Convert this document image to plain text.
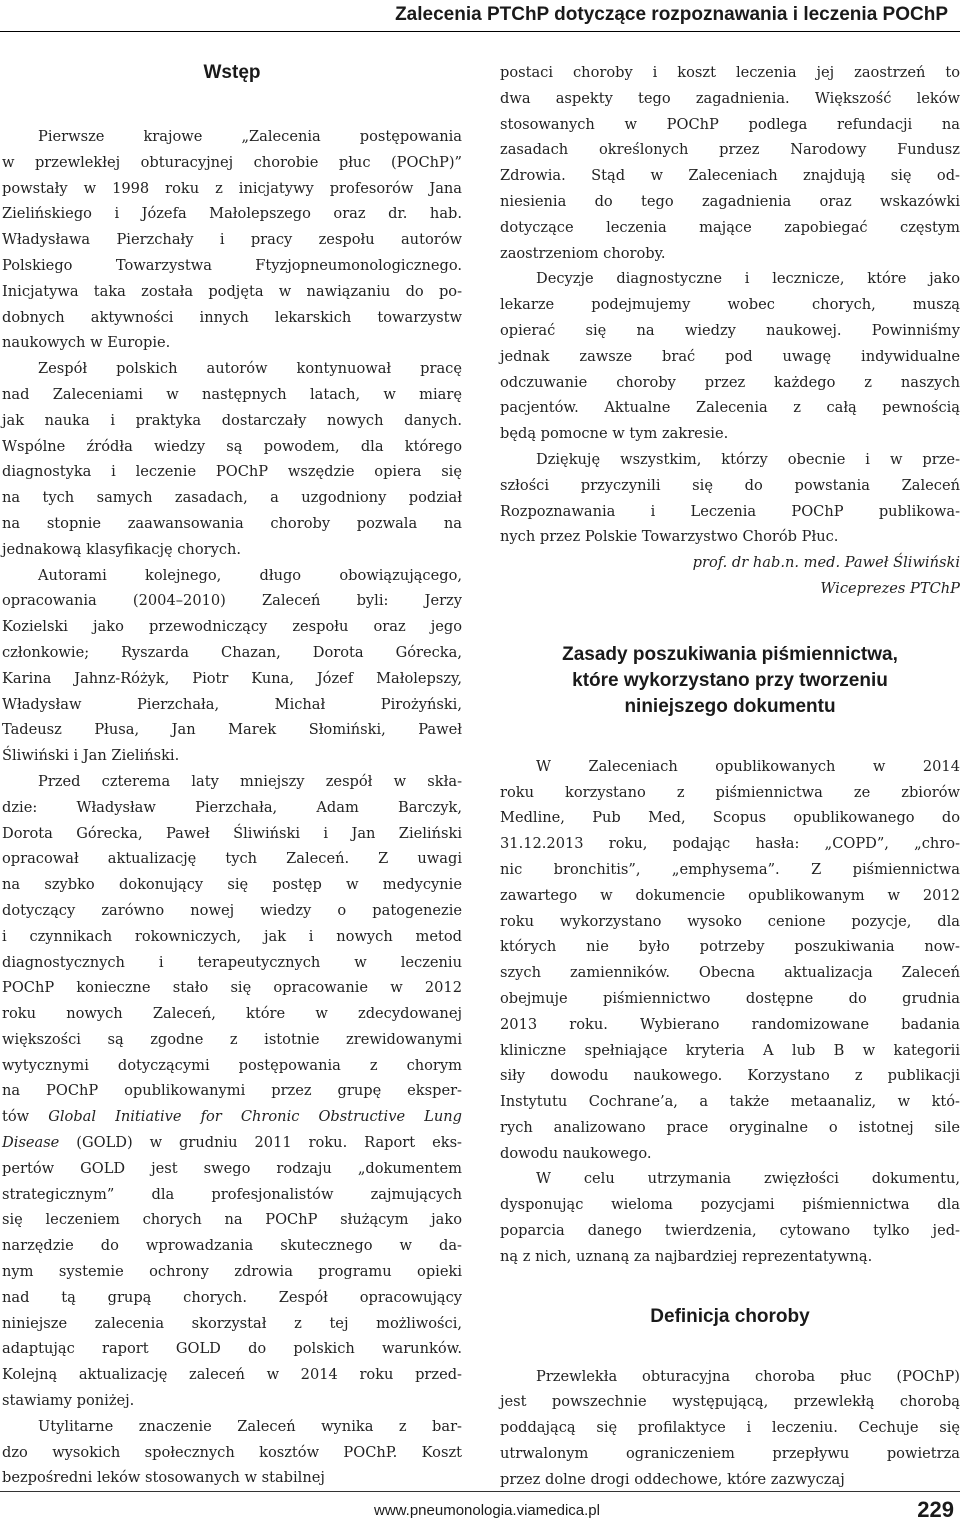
Zalecenia PTChP dotyczące rozpoznawania i leczenia POChP
Wstęp
Pierwsze krajowe „Zalecenia postępowania
w przewlekłej obturacyjnej chorobie płuc (POChP)”
powstały w 1998 roku z inicjatywy profesorów Jana
Zielińskiego i Józefa Małolepszego oraz dr. hab.
Władysława Pierzchały i pracy zespołu autorów
Polskiego Towarzystwa Ftyzjopneumonologicznego.
Inicjatywa taka została podjęta w nawiązaniu do po-
dobnych aktywności innych lekarskich towarzystw
naukowych w Europie.
Zespół polskich autorów kontynuował pracę
nad Zaleceniami w następnych latach, w miarę
jak nauka i praktyka dostarczały nowych danych.
Wspólne źródła wiedzy są powodem, dla którego
diagnostyka i leczenie POChP wszędzie opiera się
na tych samych zasadach, a uzgodniony podział
na stopnie zaawansowania choroby pozwala na
jednakową klasyfikację chorych.
Autorami kolejnego, długo obowiązującego,
opracowania (2004–2010) Zaleceń byli: Jerzy
Kozielski jako przewodniczący zespołu oraz jego
członkowie; Ryszarda Chazan, Dorota Górecka,
Karina Jahnz-Różyk, Piotr Kuna, Józef Małolepszy,
Władysław Pierzchała, Michał Pirożyński,
Tadeusz Płusa, Jan Marek Słomiński, Paweł
Śliwiński i Jan Zieliński.
Przed czterema laty mniejszy zespół w skła-
dzie: Władysław Pierzchała, Adam Barczyk,
Dorota Górecka, Paweł Śliwiński i Jan Zieliński
opracował aktualizację tych Zaleceń. Z uwagi
na szybko dokonujący się postęp w medycynie
dotyczący zarówno nowej wiedzy o patogenezie
i czynnikach rokowniczych, jak i nowych metod
diagnostycznych i terapeutycznych w leczeniu
POChP konieczne stało się opracowanie w 2012
roku nowych Zaleceń, które w zdecydowanej
większości są zgodne z istotnie zrewidowanymi
wytycznymi dotyczącymi postępowania z chorym
na POChP opublikowanymi przez grupę eksper-
tów Global Initiative for Chronic Obstructive Lung
Disease (GOLD) w grudniu 2011 roku. Raport eks-
pertów GOLD jest swego rodzaju „dokumentem
strategicznym” dla profesjonalistów zajmujących
się leczeniem chorych na POChP służącym jako
narzędzie do wprowadzania skutecznego w da-
nym systemie ochrony zdrowia programu opieki
nad tą grupą chorych. Zespół opracowujący
niniejsze zalecenia skorzystał z tej możliwości,
adaptując raport GOLD do polskich warunków.
Kolejną aktualizację zaleceń w 2014 roku przed-
stawiamy poniżej.
Utylitarne znaczenie Zaleceń wynika z bar-
dzo wysokich społecznych kosztów POChP. Koszt
bezpośredni leków stosowanych w stabilnej
postaci choroby i koszt leczenia jej zaostrzeń to
dwa aspekty tego zagadnienia. Większość leków
stosowanych w POChP podlega refundacji na
zasadach określonych przez Narodowy Fundusz
Zdrowia. Stąd w Zaleceniach znajdują się od-
niesienia do tego zagadnienia oraz wskazówki
dotyczące leczenia mające zapobiegać częstym
zaostrzeniom choroby.
Decyzje diagnostyczne i lecznicze, które jako
lekarze podejmujemy wobec chorych, muszą
opierać się na wiedzy naukowej. Powinniśmy
jednak zawsze brać pod uwagę indywidualne
odczuwanie choroby przez każdego z naszych
pacjentów. Aktualne Zalecenia z całą pewnością
będą pomocne w tym zakresie.
Dziękuję wszystkim, którzy obecnie i w prze-
szłości przyczynili się do powstania Zaleceń
Rozpoznawania i Leczenia POChP publikowa-
nych przez Polskie Towarzystwo Chorób Płuc.
prof. dr hab.n. med. Paweł Śliwiński
Wiceprezes PTChP
Zasady poszukiwania piśmiennictwa,
które wykorzystano przy tworzeniu
niniejszego dokumentu
W Zaleceniach opublikowanych w 2014
roku korzystano z piśmiennictwa ze zbiorów
Medline, Pub Med, Scopus opublikowanego do
31.12.2013 roku, podając hasła: „COPD”, „chro-
nic bronchitis”, „emphysema”. Z piśmiennictwa
zawartego w dokumencie opublikowanym w 2012
roku wykorzystano wysoko cenione pozycje, dla
których nie było potrzeby poszukiwania now-
szych zamienników. Obecna aktualizacja Zaleceń
obejmuje piśmiennictwo dostępne do grudnia
2013 roku. Wybierano randomizowane badania
kliniczne spełniające kryteria A lub B w kategorii
siły dowodu naukowego. Korzystano z publikacji
Instytutu Cochrane’a, a także metaanaliz, w któ-
rych analizowano prace oryginalne o istotnej sile
dowodu naukowego.
W celu utrzymania zwięzłości dokumentu,
dysponując wieloma pozycjami piśmiennictwa dla
poparcia danego twierdzenia, cytowano tylko jed-
ną z nich, uznaną za najbardziej reprezentatywną.
Definicja choroby
Przewlekła obturacyjna choroba płuc (POChP)
jest powszechnie występującą, przewlekłą chorobą
poddającą się profilaktyce i leczeniu. Cechuje się
utrwalonym ograniczeniem przepływu powietrza
przez dolne drogi oddechowe, które zazwyczaj
www.pneumonologia.viamedica.pl	229
